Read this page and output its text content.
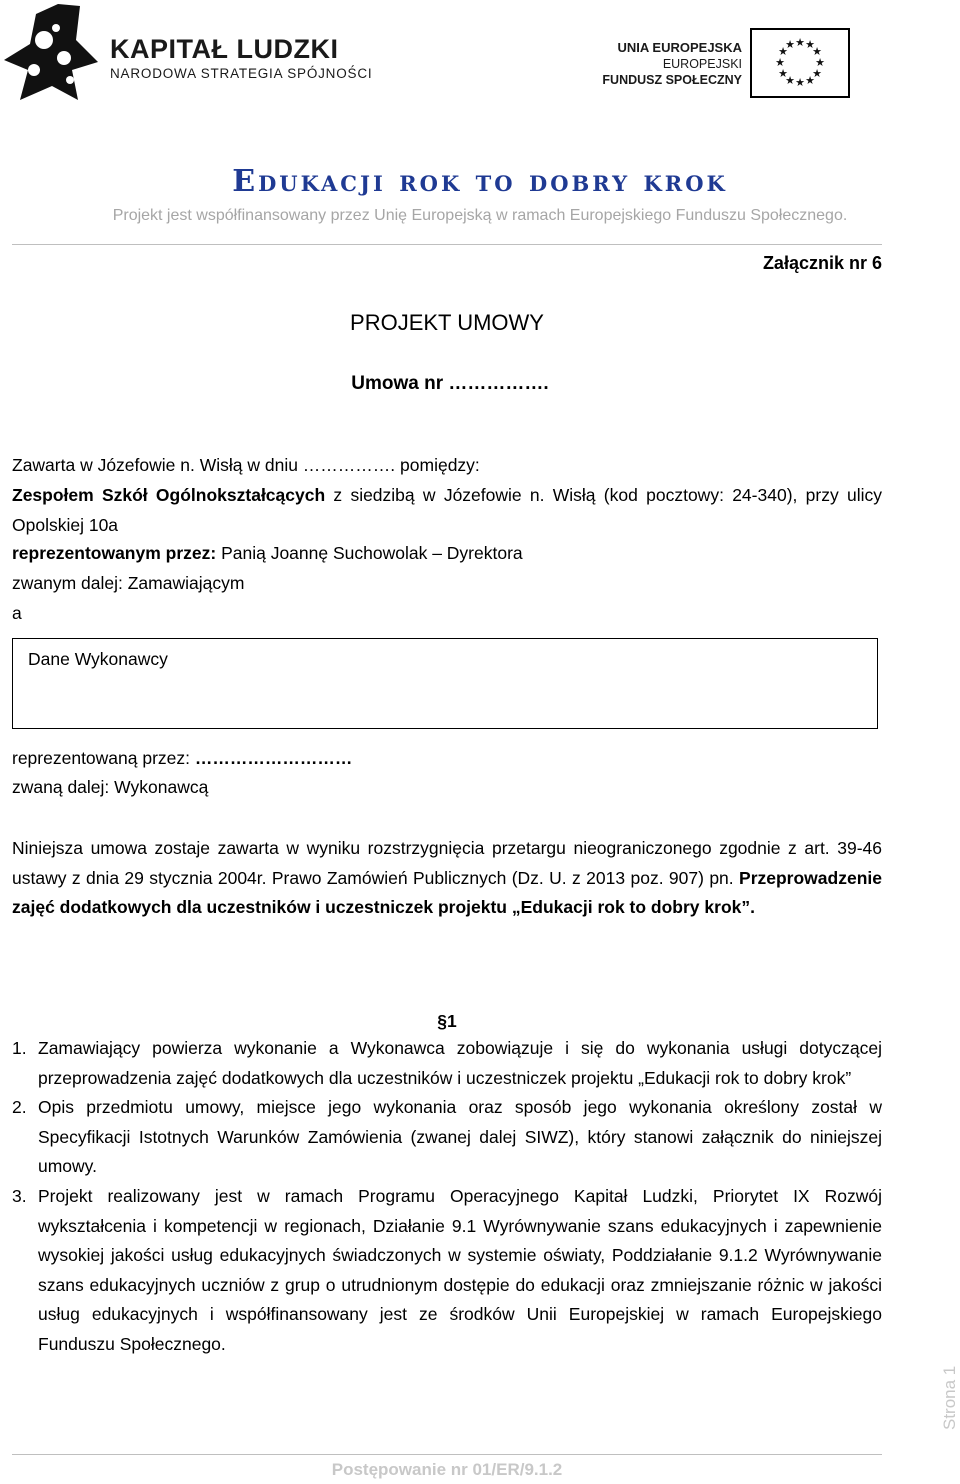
KAPITAŁ LUDZKI
NARODOWA STRATEGIA SPÓJNOŚCI
UNIA EUROPEJSKA
EUROPEJSKI
FUNDUSZ SPOŁECZNY
★ ★
★
★
★
★
★
★
★
★
★
★
Edukacji rok to dobry krok
Projekt jest współfinansowany przez Unię Europejską w ramach Europejskiego Funduszu Społecznego.
Załącznik nr 6
PROJEKT UMOWY
Umowa nr …………….
Zawarta w Józefowie n. Wisłą w dniu ……………. pomiędzy:
Zespołem Szkół Ogólnokształcących z siedzibą w Józefowie n. Wisłą (kod pocztowy: 24-340), przy ulicy Opolskiej 10a
reprezentowanym przez: Panią Joannę Suchowolak – Dyrektora
zwanym dalej: Zamawiającym
a
Dane Wykonawcy
reprezentowaną przez: ………………………
zwaną dalej: Wykonawcą
Niniejsza umowa zostaje zawarta w wyniku rozstrzygnięcia przetargu nieograniczonego zgodnie z art. 39-46 ustawy z dnia 29 stycznia 2004r. Prawo Zamówień Publicznych (Dz. U. z 2013 poz. 907) pn. Przeprowadzenie zajęć dodatkowych dla uczestników i uczestniczek projektu „Edukacji rok to dobry krok”.
§1
1. Zamawiający powierza wykonanie a Wykonawca zobowiązuje i się do wykonania usługi dotyczącej przeprowadzenia zajęć dodatkowych dla uczestników i uczestniczek projektu „Edukacji rok to dobry krok”
2. Opis przedmiotu umowy, miejsce jego wykonania oraz sposób jego wykonania określony został w Specyfikacji Istotnych Warunków Zamówienia (zwanej dalej SIWZ), który stanowi załącznik do niniejszej umowy.
3. Projekt realizowany jest w ramach Programu Operacyjnego Kapitał Ludzki, Priorytet IX Rozwój wykształcenia i kompetencji w regionach, Działanie 9.1 Wyrównywanie szans edukacyjnych i zapewnienie wysokiej jakości usług edukacyjnych świadczonych w systemie oświaty, Poddziałanie 9.1.2 Wyrównywanie szans edukacyjnych uczniów z grup o utrudnionym dostępie do edukacji oraz zmniejszanie różnic w jakości usług edukacyjnych i współfinansowany jest ze środków Unii Europejskiej w ramach Europejskiego Funduszu Społecznego.
Strona 1
Postępowanie nr 01/ER/9.1.2
